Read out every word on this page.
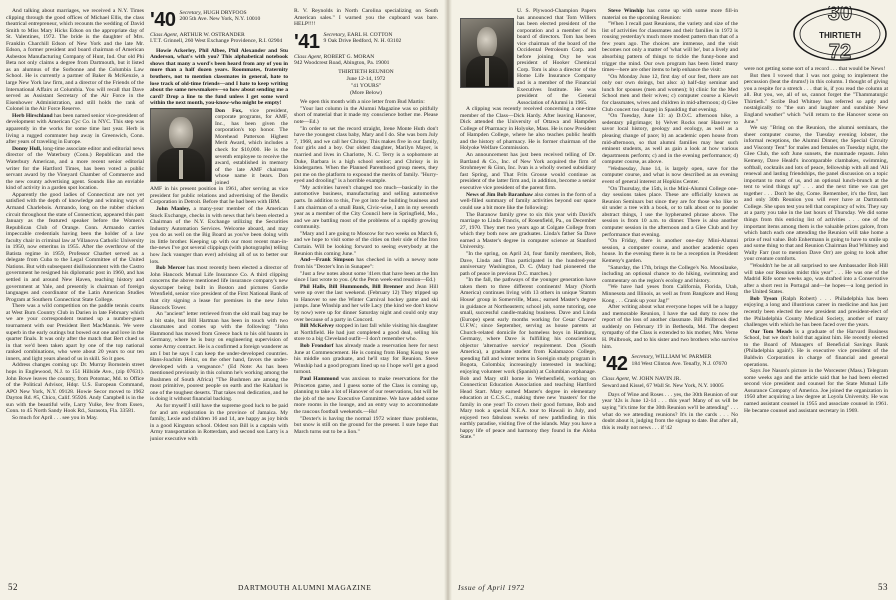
And talking about marriages, we received a N.Y. Times clipping through the good offices of Michael Ellis, the class theatrical entrepreneur, which recounts the wedding of David Smith to Miss Mary Hicks Edson on the appropriate day of St. Valentines, 1972. The bride is the daughter of Mrs. Franklin Charchill Edson of New York and the late Mr. Edson, a former president and board chairman of American Asbestos Manufacturing Company of Hunt, Ind. Our old Phi Beta not only claims a degree from Dartmouth, but it listed as an alumnus of the Sorbonne and the Columbia Law School. He is currently a partner of Baker & McKenzie, a large New York law firm, and a director of the Friends of the International Affairs at Columbia. You will recall that Dave served as Assistant Secretary of the Air Force in the Eisenhower Administration, and still holds the rank of Colonel in the Air Force Reserve.

Herb Hirschland has been named senior vice-president of development with American Cyc Co. in NYC. This step was apparently in the works for some time last year. Herb is living a rugged commuter hop away in Greenwich, Conn. after years of traveling in Europe.

Donny Hull, long-time associate editor and editorial news director of the Waterbury (Conn.) Republican and the Waterbury American, and a more recent senior editorial writer for the Hartford Times, has been voted a public servant award by the Vineyard Chamber of Commerce and the new county advertising agent. Sounds like an enviable kind of activity in a garden spot location.

Apparently the good ladies of Connecticut are not yet satisfied with the depth of knowledge and winning ways of Armand Charlebois. Armando, long on the rubber chicken circuit throughout the state of Connecticut, appeared this past January as the featured speaker before the Women's Republican Club of Orange. Conn. Armando carries impeccable credentials having been the holder of a law faculty chair in criminal law at Villanova Catholic University in 1950, now emeritus in 1955. After the overthrow of the Batista regime in 1959, Professor Charbet served as a delegate from Cuba to the Legal Committee of the United Nations. But with subsequent disillusionment with the Castro government he resigned his diplomatic post in 1960, and has settled in and around New Haven, teaching history and government at Yale, and presently is chairman of foreign languages and coordinator of the Latin American Studies Program at Southern Connecticut State College.

There was a wild competition on the paddle tennis courts at West Burn Country Club in Darien in late February which we are your correspondent teamed up a number-guest tournament with our President Bert MacMannis. We were superb in the early outings but bowed out one and love in the quarter finals. It was only after the match that Bert clued us in that we'd been taken apart by one of the top national ranked combinations, who were about 20 years to our ten inners, and light years ahead of us in skill. So it goes.

Address changes coming up: Dr. Murray Bornstein street hops in Englewood, N.J. to 151 Hillside Ave., (zip 07631). John Bowe leaves the country, from Potomac, Md. to Office of the Political Advisor, Hdqr. U.S. European Command, APO New York, N.Y. 09128. Howie Secor moved to 1962 Dayton Rd. #5, Chico, Calif. 95926. Andy Campbell is in the sun with the beautiful wife, Larry Yulke, few from Essex, Conn. to 45 North Sandy Hook Rd., Sarasota, Fla. 33581.

So much for April . . . see you in May.

'40 Secretary, HUGH DRYFOOS
200 5th Ave. New York, N.Y. 10010
Class Agent, ARTHUR W. OSTRANDER
I.T.T. Grinnell, 260 West Exchange Providence, R.I. 02904

Howie Ackerley, Phil Albee, Phil Alexander and Stu Anderson, what's with you? This alphabetical notebook shows that many a word's been heard from any of you in more than a half dozen years. Roommates, fraternity brothers, not to mention classmates in general, hate to lose track of old-time friends—and I hate to keep writing about the same newsmakers—so how about sending me a card? Drop a line to the fund unless I get some word within the next month, you-know-who might be empty!

Don Fox, vice president, corporate programs, for AMF, Inc., has been given the corporation's top honor. The Morehead Patterson Highest Merit Award, which includes a check for $10,000. He is the seventh employee to receive the award, established in memory of the late AMF chairman whose name it bears. Don joined

AMF in his present position in 1961, after serving as vice president for public relations and advertising of the Bendix Corporation in Detroit. Before that he had been with IBM.

John Manley, a many-year member of the American Stock Exchange, checks in with news that he's been elected a Chairman of the N.Y. Exchange utilizing the Securities Industry Automation Services. Welcome aboard, and may you do as well on the Big Board as you've been doing with its little brother. Keeping up with our most recent man-in-the-news I've got several clippings (with photographs) telling how Jack vaunger than ever) advising all of us to better our lots.

Bob Mercer has most recently been elected a director of John Hancock Mutual Life Insurance Co. A third clipping concerns the above mentioned life insurance company's new skyscraper being built in Boston and pictures Gordie Wrenfield, senior vice president of the First National Bank of that city signing a lease for premises in the new John Hancock Tower.

An "ancient" letter retrieved from the old mail bag may be a bit stale, but Bill Hartman has been in touch with two classmates and comes up with the following: "John Hammond has moved from Greece back to his old haunts in Germany, where he is busy on engineering supervision of some Army contract. He is a confirmed a foreign wanderer as am I but he says I can keep the under-developed countries. Hans-Joachim Heinz, on the other hand, favors the under-developed with a vengeance." (Ed Note: As has been mentioned previously in this column he's working among the Bushmen of South Africa) "The Bushmen are among the most primitive, poorest people on earth and the Kalahari is one of the toughest deserts. That takes real dedication, and he is doing it without financial backing.

As for myself I still have the supreme good luck to be paid for and am exploration in the province of Jamaica. My family, Lexie and children 16 and 14, are happy as joy birds in a good Kingston school. Oldest son Bill is a captain with Army transportation in Rotterdam, and second son Larry is a junior executive with

R. V. Reynolds in North Carolina specializing on South American sales." I warned you the cupboard was bare. HELP!!!!

'41 Secretary, EARL H. COTTON
9 Oak Drive Bedford, N. H. 03102
Class Agent, ROBERT G. MORAN
942 Woodcrest Road, Abington, Pa. 19001

THIRTIETH REUNION

June 12-14, 1972

"41 YOURS"

(More Below)

We open this month with a nice letter from Bud Martin:

"Your last column in the Alumni Magazine was so pitifully short of material that it made my conscience bother me. Please note—Ed.)

"In order to set the record straight, Irene Monte Huth don't have the youngest class baby, Mary and I do. She was born July 7, 1968, and we call her Chrissy. This makes five in our family, four girls and a boy. Our oldest daughter, Marilyn Mayer, is married and lives in Charlotte, N. C. Terry is a sophomore at Duke, Barbara is a high school senior; and Chrissy is in kindergarten. When the Planned Parenthood group meets, they put me on the platform to expound the merits of family. "Hurry-eyed and drooling" is a horrible example.

"My activities haven't changed too much—basically in the automotive business, manufacturing and selling automotive parts. In addition to this, I've got into the building business and I am chairman of a small Bank, Civic-wise, I am in my seventh year as a member of the City Council here in Springfield, Mo., and we are battling most of the problems of a rapidly growing community.

"Mary and I are going to Moscow for two weeks on March 6, and we hope to visit some of the cities on their side of the Iron Curtain. Will be looking forward to seeing everybody at the Reunion this coming June."

And—Frank Simpson has checked in with a newsy note from his "Dexter's Inn in Sunapee":

"Just a few notes about some '41ers that have been at the Inn since I last wrote to you. (At the Penn week-end reunion—Ed.)

Phil Halls, Bill Hummonds, Bill Brenner and Jean Hill were up over the last weekend. (February 12) They tripped up to Hanover to see the Winter Carnival hockey game and ski jumps. Jane Winship and her wife Lacy (the kind we don't know by now) were up for dinner Saturday night and could only stay over because of a party in Concord.

Bill McKelvey stopped in last fall while visiting his daughter at Northfield. He had just completed a good deal, selling his store to a big Cleveland outfit—I don't remember who.

Bob Frondorf has already made a reservation here for next June at Commencement. He is coming from Hong Kong to see his middle son graduate, and he'll stay for Reunion. Steve Winship had a good program lined up so I hope we'll get a good turnout.

Paul Hammond was anxious to make reservations for the Princeton game, and I guess some of the Class is coming up, planning to take a lot of Hanover of our reservations, but will be the job of the new Executive Committee. We have added some more rooms in the lounge, and an entry way to accommodate the raucous football weekends.—Hu!

"Dexter's is having the normal 1972 winter thaw problems, but snow is still on the ground for the present. I sure hope that March turns out to be a lion."

52	DARTMOUTH ALUMNI MAGAZINE

U. S. Plywood-Champion Papers has announced that Tom Willers has been elected president of the corporation and a member of its board of directors. Tom has been vice chairman of the board of the Occidental Petroleum Corp. and before joining Oxy he was president of Hooker Chemical Corp. Tom is also a director of the Home Life Insurance Company and is a member of the Financial Executives Institute. He was president of the General Association of Alumni in 1965.

A clipping was recently received concerning a one-time member of the Class—Dick Hardy. After leaving Hanover, Dick attended the University of Ottawa and Hampden College of Pharmacy in Holyoke, Mass. He is now President of Hampden College, where he also teaches public health and the history of pharmacy. He is former chairman of the Holyoke Welfare Commission.

An announcement has just been received telling of Dr. Bartland & Co., Inc. of New York acquired the firm of Strohmeyer & Ginn, Inc. Ivan is a wholly owned subsidiary fast Spring, and That Frits Grouse would continue as president of the latter firm and, in addition, become a senior executive vice president of the parent firm.

News of Jim Bob Baranhaw also comes in the form of a well-filled summary of family activities beyond our space could use a bit more like the following:

The Baranow family grew to six this year with David's marriage to Linda Francis, of Rosenfield, Pa., on December 27, 1970. They met two years ago at Colgate College from which they both now are graduates. Linda's father Sa Dave earned a Master's degree in computer science at Stanford University.

"In the spring, on April 24, four family members, Bob, Dave, Linda and Tina participated in the hundred-year anniversary Washington, D. C. (Mary had pioneered the path of peace in previous D.C. marches.)

"In the fall, the pathways of the younger generation have taken them to three different continents! Mary (North America) continues living with 13 others in unique 'Stamm House' group in Somerville, Mass.; earned Master's degree in guidance at Northeastern; school job, some tutoring, one small, successful candle-making business. Dave and Linda (Europe) spent early months working for Cesar Chavez' U.F.W.; since September, serving as house parents at Church-related domicile for homeless boys in Hamburg, Germany, where Dave is fulfilling his conscientious objector 'alternative service' requirement. Don (South America), a graduate student from Kalamazoo College, spending fall and winter terms in Soreigin study program in Bogota, Colombia; increasingly interested in teaching; enjoying volunteer work (Spanish) at Columbian orphanage. Bob and Mary still home in Wethersfield, working on Connecticut Education Association and teaching Hartford Head Start. Mary earned Master's degree in elementary education at C.C.S.C., making three new 'masters' for the family in one year! To crown their good fortune, Bob and Mary took a special N.E.A. tour to Hawaii in July, and enjoyed two fabulous weeks of new pathfinding in this earthly paradise, visiting five of the islands. May you have a happy life of peace and harmony they found in the Aloha State."

Steve Winship has come up with some more fill-in material on the upcoming Reunion:

"When I recall past Reunions, the variety and size of the list of activities for classmates and their families in 1972 is rousing yesterday's much more modest pattern than that of a few years ago. The choices are immense, and the visit becomes not only a matter of 'what will be', but a lively and absorbing pattern of things to tickle the funny-bone and trigger the mind. Our own program has been listed many times—here are other items to help enhance the visit:

"On Monday June 12, first day of our fest, there are not only our own doings, but also: a) half-day seminar and lunch for spouses (men and women); b) clinic for the Med School men and their wives; c) computer course a Kiewit for classmates, wives and children in mid-afternoon; d) Glee Club concert too charge) in Spaulding that evening.

"On Tuesday, June 13: a) D.O.C. afternoon hike, a sedentary pilgrimage; b) Velvet Rocks near Hanover to savor local history, geology and ecology, as well as a pleasing change of pace; b) an academic open house from mid-afternoon, so that alumni families may hear such eminent students, as well as gain a look at how various departments perform; c) and in the evening performance; d) computer course, as above.

"Wednesday, June 14, is largely open, save for the computer course, and what is now described as an evening event of general interest at Hopkins Center.

"On Thursday, the 15th, is the Mini-Alumni College one-day sessions takes place. These are officially known as Reunion Seminars but since they are for those who like to sit under a tree with a book, or to talk about or to ponder abstract things, I use the hyphenated phrase above. The session is from 10 a.m. to dinner. There is also another computer session in the afternoon and a Glee Club and Ivy performance that evening.

"On Friday, there is another one-day Mini-Alumni session, a computer course, and another academic open house. In the evening there is to be a reception in President Kemeny's garden.

"Saturday, the 17th, brings the College's No. Moosilauke, including an optional chance to do hiking, swimming and commentary on the region's ecology and history.

"We have had yeses from California, Florida, Utah, Minnesota and Illinois, as well as from Bangkore and Hong Kong . . . Crank up your Jag!"

After writing about what everyone hopes will be a happy and memorable Reunion, I have the sad duty to now the report of the loss of another classmate. Bill Philbrook died suddenly on February 19 in Bethesda, Md. The deepest sympathy of the Class is extended to his mother, Mrs. Verne H. Philbrook, and to his sister and two brothers who survive him.

'42 Secretary, WILLIAM W. PARMER
184 West Clinton Ave. Tenafly, N.J. 07670
Class Agent, W. JOHN NAVIN JR.
Seward and Kissel, 67 Wall St. New York, N.Y. 10005

Days of Wine and Roses . . . yes, the 30th Reunion of our year '42s is June 12-14 . . . this year! Many of us will be saying "it's time for the 30th Reunion we'll be attending" . . . what do we attending reunions? It's in the cards . . . No doubt about it, judging from the signup to date. But after all, this is really not news . . . if '42

were not getting some sort of a record . . . that would be News!

But then I vowed that I was not going to implement the percussion (beat the drums!) in this column. I thought of giving you a respite for a stretch . . . that is, if you read the column at all. But you, we, all of us, cannot forget the "Thammaturgic Thirtieth." Scribe Bud Whitney has referred so aptly and nostalgically to "the sun and laughter and sunshine New England weather" which "will return to the Hanover scene on June."

We say "Bring on the Reunion, the alumni seminars, the sheer computer course, the Tuesday evening lobster, the informal receptions, the Alumni Dinner, the Special Circuity and Visconty Tent" for males and females on Tuesday night, the Glee Club, the soft June sunsets, the manmade repasts. John Kemeny, Dave Heald's incomparable clambakes, swimming, softball, cocktails and lots of peace, fellowship with all and 'Ali renewal and lasting friendships, the panel discussion on a topic important to most of us, and an optional lunch-brunch at the tent to wind things up" . . . and the next time we can get together . . . Don't be shy, Come. Remember, it's the first, last and only 30th Reunion you will ever have at Dartmouth College. She upon test you tell that conspiracy of wits. They say at a party you take in the last hours of Thursday. We did some things from this enticing list of activities . . . one of the important items among them is the valuable prizes galore, from which batch each one attending the Reunion will take home a prize of real value. Bob Enhermann is going to have to smile up and some thing to that and Reunion Chairman Bud Whitney and Wally Farr (not to mention Dave Orr) are going to look after your creature comforts.

"Wouldn't he be at all surprised to see Ambassador Bob Hill will take our Reunion midst this year" . . . He was one of the Madrid Rife some weeks ago, was drafted into a Conservative after a short rest in Portugal and—he hopes—a long period in the United States.

Bob Tyson (Ralph Robert) . . . Philadelphia has been enjoying a long and illustrious career in medicine and has just recently been elected the new president and president-elect of the Philadelphia County Medical Society, another of many challenges with which he has been faced over the years.

Our Tom Meads is a graduate of the Harvard Business School, but we don't hold that against him. He recently elected to the Board of Managers of Beneficial Savings Bank (Philadelphia again!). He is executive vice president of the Baldwin Corporation in charge of financial and general operations.

Says Joe Nason's picture in the Worcester (Mass.) Telegram some weeks ago and the article said that he had been elected second vice president and counsel for the State Mutual Life Assurance Company of America. Joe joined the organization in 1950 after acquiring a law degree at Loyola University. He was named assistant counsel in 1955 and associate counsel in 1961. He became counsel and assistant secretary in 1969.

30
THIRTIETH
72
Issue of April 1972	53
